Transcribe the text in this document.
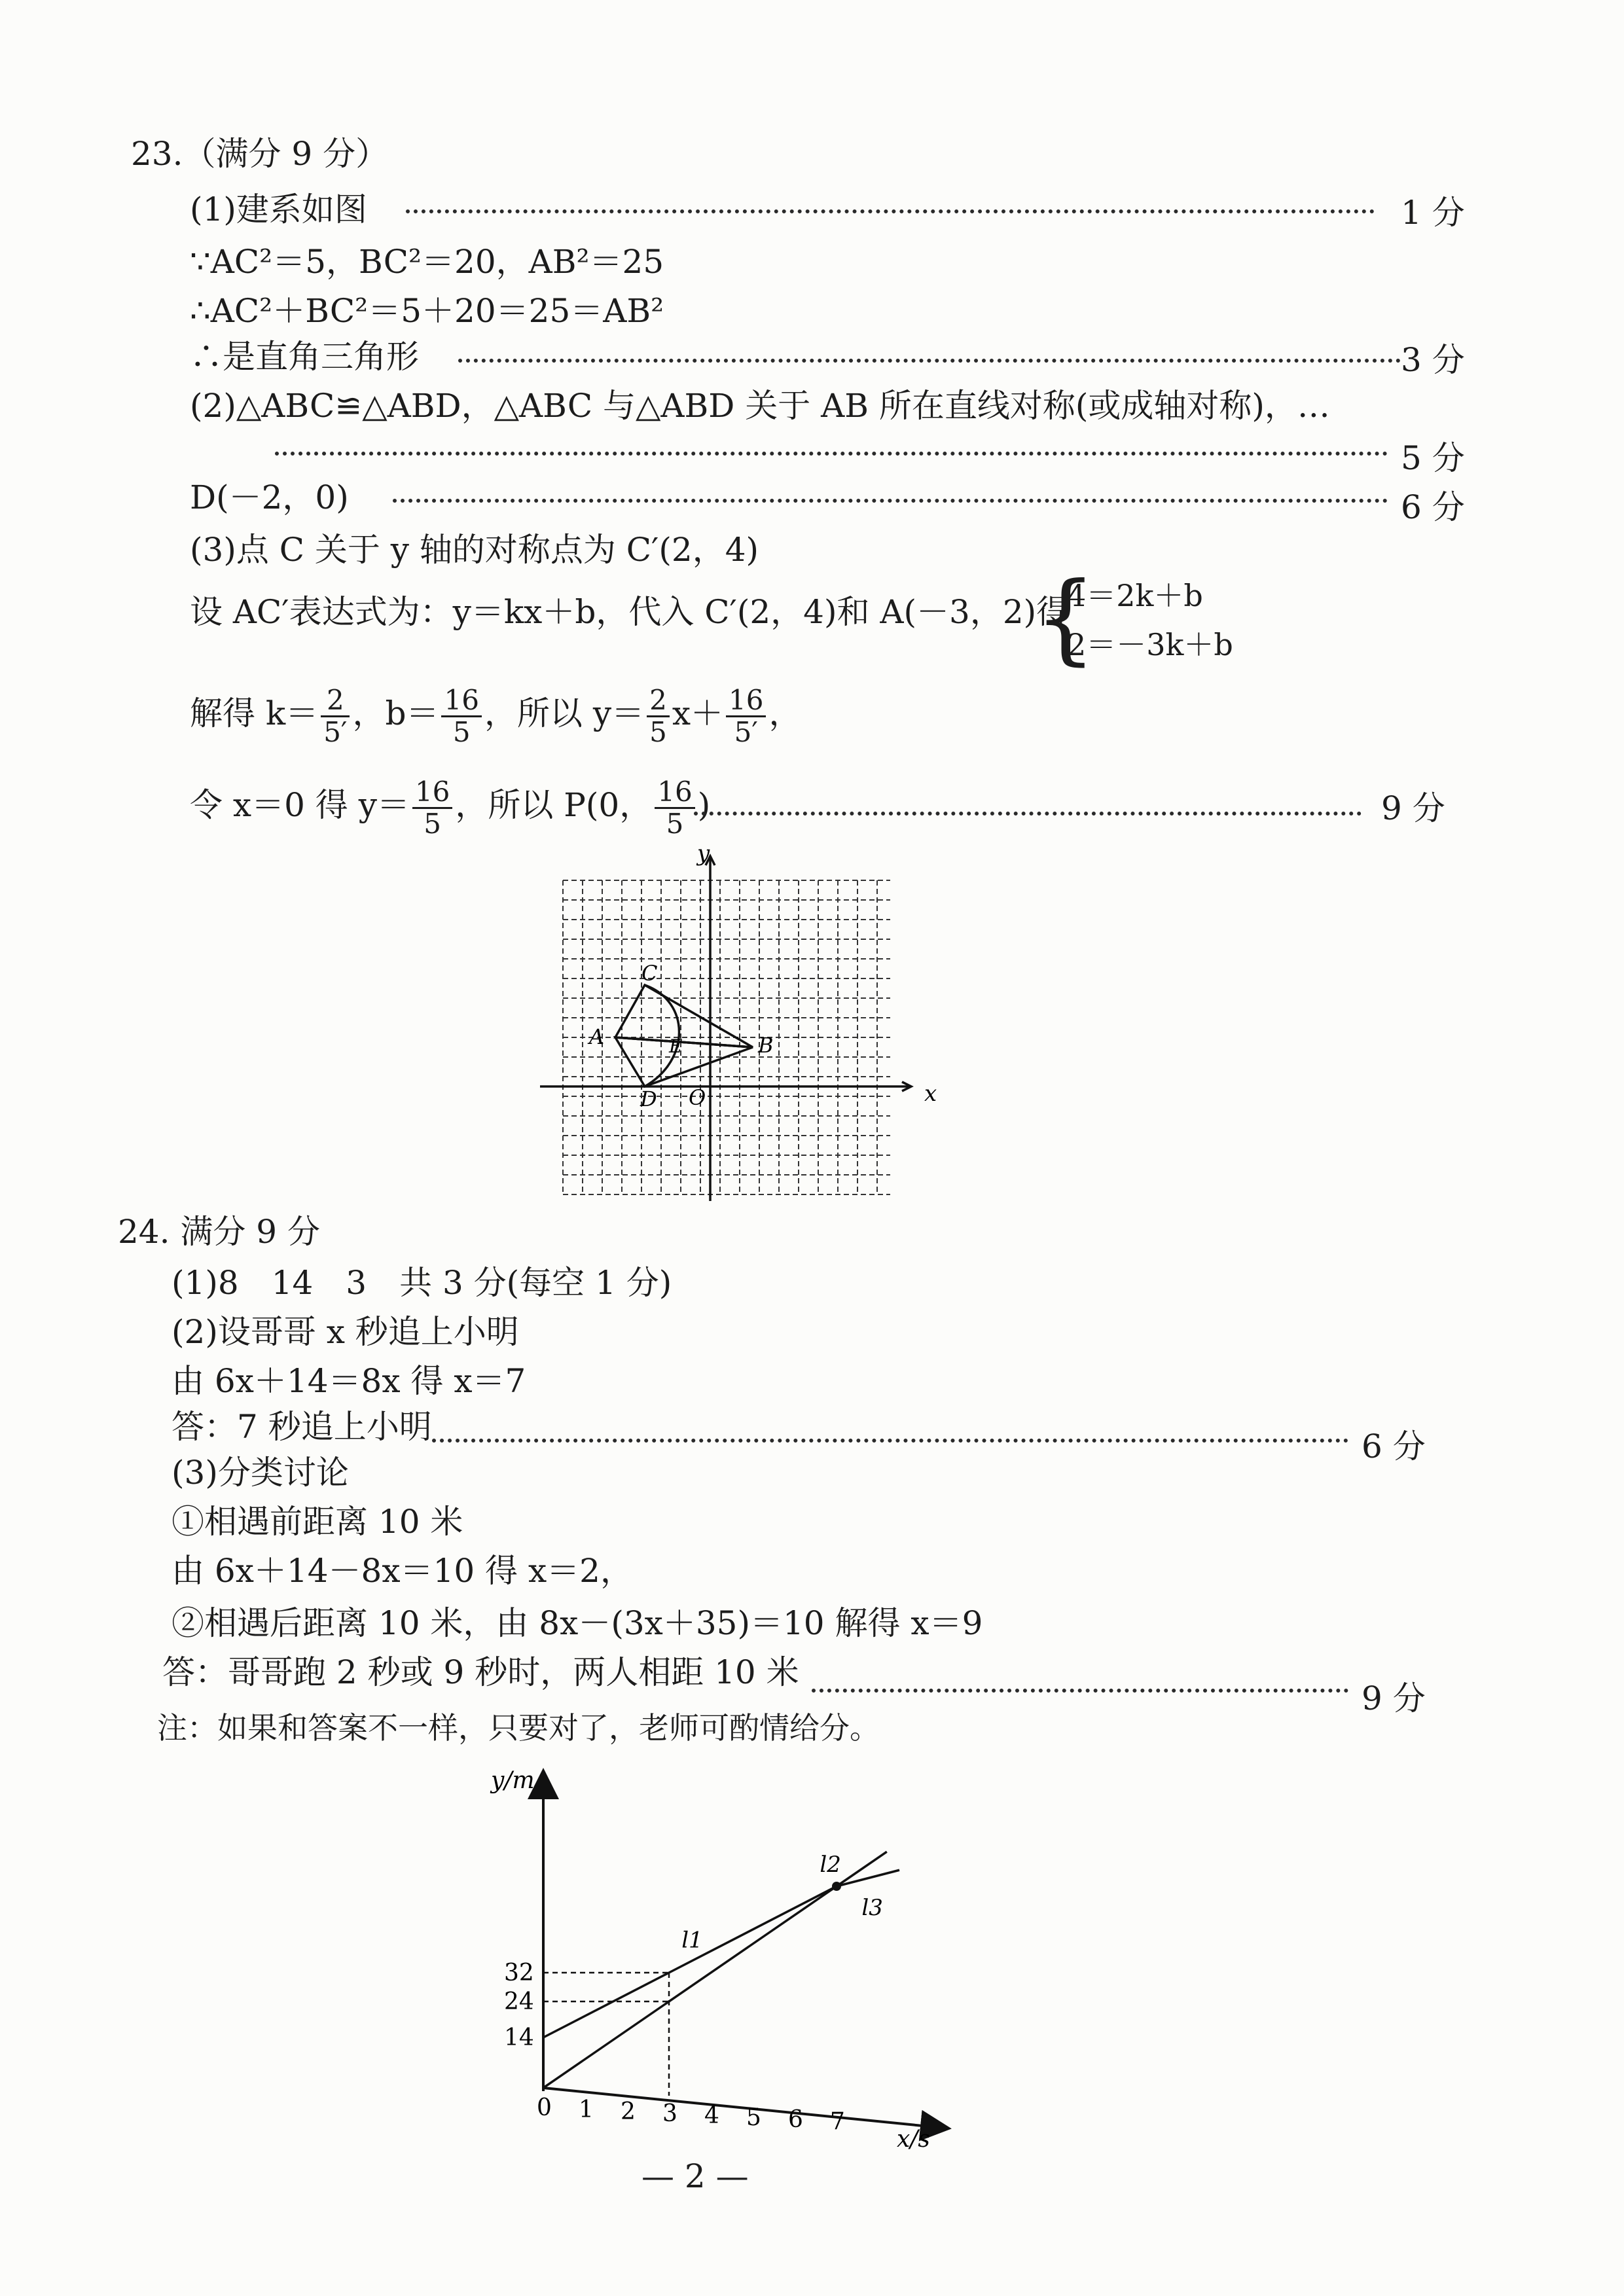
23.（满分 9 分）
(1)建系如图	1 分
∵AC²＝5，BC²＝20，AB²＝25
∴AC²＋BC²＝5＋20＝25＝AB²
∴是直角三角形	3 分
(2)△ABC≌△ABD，△ABC 与△ABD 关于 AB 所在直线对称(或成轴对称)，…
5 分
D(－2，0)	6 分
(3)点 C 关于 y 轴的对称点为 C′(2，4)
设 AC′表达式为：y＝kx＋b，代入 C′(2，4)和 A(－3，2)得
{
4＝2k＋b
2＝－3k＋b
解得 $k= \frac{2}{5'}$ ，$b= \frac{16}{5}$ ，所以 $y= \frac{2}{5} x+ \frac{16}{5'}$ ，
令 x＝0 得 $y= \frac{16}{5}$ ，所以 P(0， $\frac{16}{5}$ )	9 分
y
x
A	B
C
D
E
O
24. 满分 9 分
(1)8　14　3　共 3 分(每空 1 分)
(2)设哥哥 x 秒追上小明
由 6x＋14＝8x 得 x＝7
答：7 秒追上小明
6 分
(3)分类讨论
①相遇前距离 10 米
由 6x＋14－8x＝10 得 x＝2，
②相遇后距离 10 米，由 8x－(3x＋35)＝10 解得 x＝9
答：哥哥跑 2 秒或 9 秒时，两人相距 10 米
9 分
注：如果和答案不一样，只要对了，老师可酌情给分。
y/m
x/s
0 1 2 3 4 5 6 7
14
24
32
l1
l2
l3
— 2 —
